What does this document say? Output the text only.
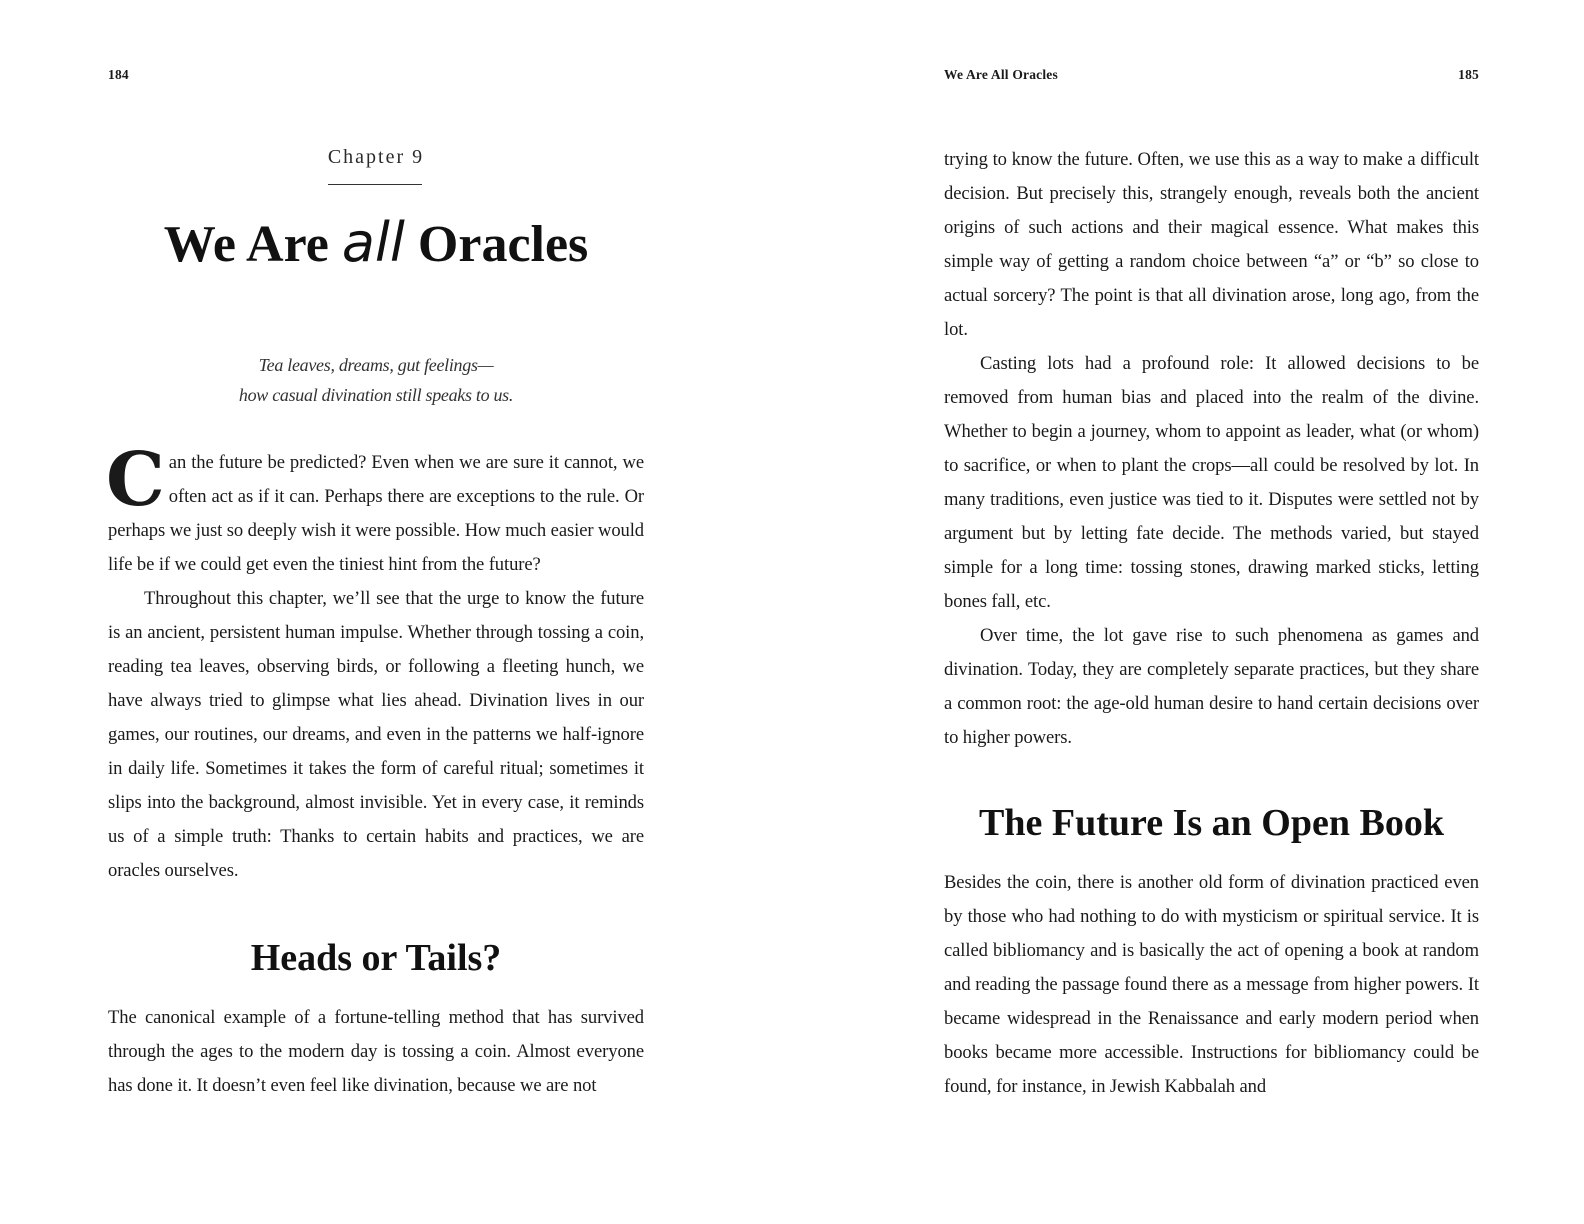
184
Chapter 9
We Are all Oracles
Tea leaves, dreams, gut feelings—
how casual divination still speaks to us.

Can the future be predicted? Even when we are sure it cannot, we often act as if it can. Perhaps there are exceptions to the rule. Or perhaps we just so deeply wish it were possible. How much easier would life be if we could get even the tiniest hint from the future?

Throughout this chapter, we’ll see that the urge to know the future is an ancient, persistent human impulse. Whether through tossing a coin, reading tea leaves, observing birds, or following a fleeting hunch, we have always tried to glimpse what lies ahead. Divination lives in our games, our routines, our dreams, and even in the patterns we half-ignore in daily life. Sometimes it takes the form of careful ritual; sometimes it slips into the background, almost invisible. Yet in every case, it reminds us of a simple truth: Thanks to certain habits and practices, we are oracles ourselves.

Heads or Tails?

The canonical example of a fortune-telling method that has survived through the ages to the modern day is tossing a coin. Almost everyone has done it. It doesn’t even feel like divination, because we are not

We Are All Oracles	185

trying to know the future. Often, we use this as a way to make a difficult decision. But precisely this, strangely enough, reveals both the ancient origins of such actions and their magical essence. What makes this simple way of getting a random choice between “a” or “b” so close to actual sorcery? The point is that all divination arose, long ago, from the lot.

Casting lots had a profound role: It allowed decisions to be removed from human bias and placed into the realm of the divine. Whether to begin a journey, whom to appoint as leader, what (or whom) to sacrifice, or when to plant the crops—all could be resolved by lot. In many traditions, even justice was tied to it. Disputes were settled not by argument but by letting fate decide. The methods varied, but stayed simple for a long time: tossing stones, drawing marked sticks, letting bones fall, etc.

Over time, the lot gave rise to such phenomena as games and divination. Today, they are completely separate practices, but they share a common root: the age-old human desire to hand certain decisions over to higher powers.

The Future Is an Open Book

Besides the coin, there is another old form of divination practiced even by those who had nothing to do with mysticism or spiritual service. It is called bibliomancy and is basically the act of opening a book at random and reading the passage found there as a message from higher powers. It became widespread in the Renaissance and early modern period when books became more accessible. Instructions for bibliomancy could be found, for instance, in Jewish Kabbalah and
